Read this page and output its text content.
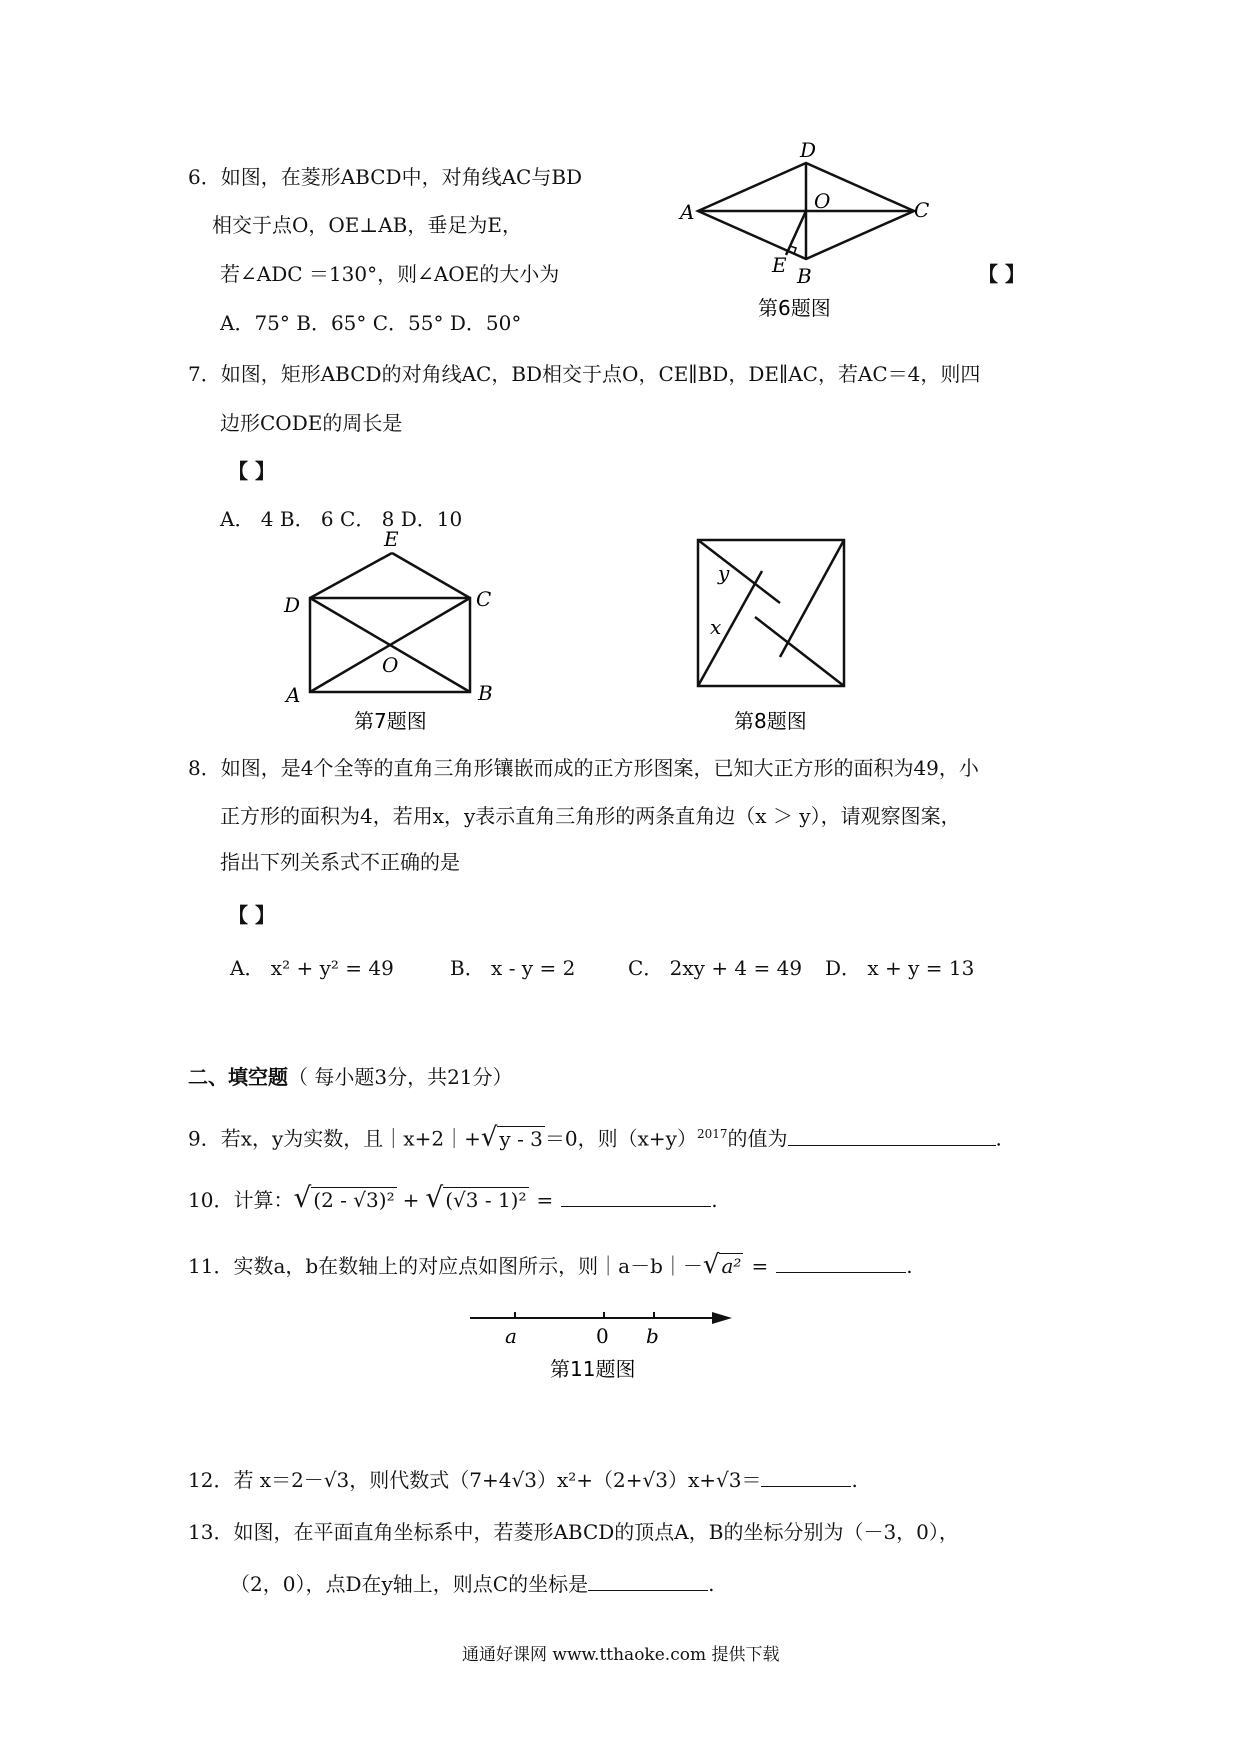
6．如图，在菱形ABCD中，对角线AC与BD
相交于点O，OE⊥AB，垂足为E，
若∠ADC ＝130°，则∠AOE的大小为
A．75° B．65° C．55° D．50°
【 】
D
A	C
O
E B
第6题图
7．如图，矩形ABCD的对角线AC，BD相交于点O，CE∥BD，DE∥AC，若AC＝4，则四
边形CODE的周长是
【 】
A． 4 B． 6 C． 8 D．10
E
D	C
O
A	B
第7题图
y
x
第8题图
8．如图，是4个全等的直角三角形镶嵌而成的正方形图案，已知大正方形的面积为49，小
正方形的面积为4，若用x，y表示直角三角形的两条直角边（x ＞ y），请观察图案，
指出下列关系式不正确的是
【 】
A． x² + y² = 49	B． x - y = 2	C． 2xy + 4 = 49 D． x + y = 13
二、填空题（ 每小题3分，共21分）
9．若x，y为实数，且｜x+2｜+√ y - 3 ＝0，则$(x+y)^{2017}$的值为	.
10．计算：√ (2 - √3)² + √ (√3 - 1)² =	.
11．实数a，b在数轴上的对应点如图所示，则｜a－b｜－√ a² =	.
a	0 b
第11题图
12．若 x＝2－√3，则代数式（7+4√3）x²+（2+√3）x+√3＝	.
13．如图，在平面直角坐标系中，若菱形ABCD的顶点A，B的坐标分别为（－3，0），
（2，0），点D在y轴上，则点C的坐标是	.
通通好课网 www.tthaoke.com 提供下载
